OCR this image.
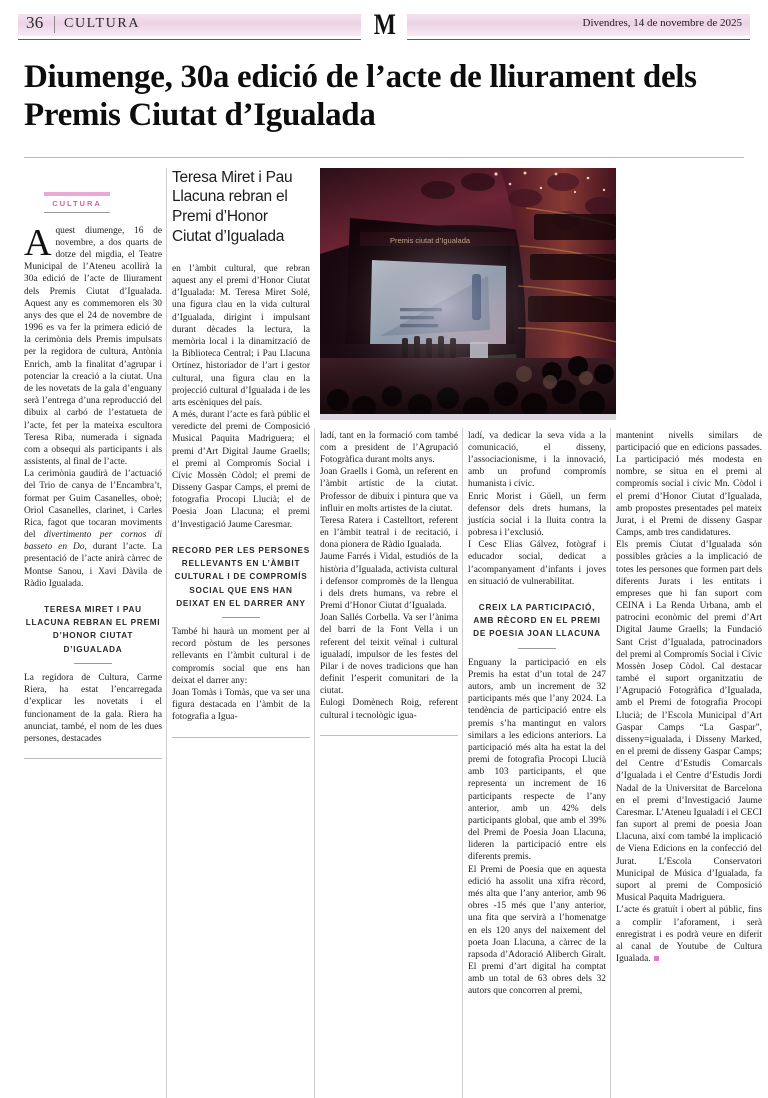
36 CULTURA	M	Divendres, 14 de novembre de 2025
Diumenge, 30a edició de l’acte de lliurament dels Premis Ciutat d’Igualada
CULTURA

Aquest diumenge, 16 de novembre, a dos quarts de dotze del migdia, el Teatre Municipal de l’Ateneu acollirà la 30a edició de l’acte de lliurament dels Premis Ciutat d’Igualada. Aquest any es commemoren els 30 anys des que el 24 de novembre de 1996 es va fer la primera edició de la cerimònia dels Premis impulsats per la regidora de cultura, Antònia Enrich, amb la finalitat d’agrupar i potenciar la creació a la ciutat. Una de les novetats de la gala d’enguany serà l’entrega d’una reproducció del dibuix al carbó de l’estatueta de l’acte, fet per la mateixa escultora Teresa Riba, numerada i signada com a obsequi als participants i als assistents, al final de l’acte.

La cerimònia gaudirà de l’actuació del Trio de canya de l’Encambra’t, format per Guim Casanelles, oboè; Oriol Casanelles, clarinet, i Carles Rica, fagot que tocaran moviments del divertimento per cornos di basseto en Do, durant l’acte. La presentació de l’acte anirà càrrec de Montse Sanou, i Xavi Dàvila de Ràdio Igualada.

TERESA MIRET I PAU LLACUNA REBRAN EL PREMI D’HONOR CIUTAT D’IGUALADA

La regidora de Cultura, Carme Riera, ha estat l’encarregada d’explicar les novetats i el funcionament de la gala. Riera ha anunciat, també, el nom de les dues persones, destacades

Teresa Miret i Pau Llacuna rebran el Premi d’Honor Ciutat d’Igualada

en l’àmbit cultural, que rebran aquest any el premi d’Honor Ciutat d’Igualada: M. Teresa Miret Solé, una figura clau en la vida cultural d’Igualada, dirigint i impulsant durant dècades la lectura, la memòria local i la dinamització de la Biblioteca Central; i Pau Llacuna Ortínez, historiador de l’art i gestor cultural, una figura clau en la projecció cultural d’Igualada i de les arts escèniques del país.

A més, durant l’acte es farà públic el veredicte del premi de Composició Musical Paquita Madriguera; el premi d’Art Digital Jaume Graells; el premi al Compromís Social i Cívic Mossèn Còdol; el premi de Disseny Gaspar Camps, el premi de fotografia Procopi Llucià; el de Poesia Joan Llacuna; el premi d’Investigació Jaume Caresmar.

RECORD PER LES PERSONES RELLEVANTS EN L’ÀMBIT CULTURAL I DE COMPROMÍS SOCIAL QUE ENS HAN DEIXAT EN EL DARRER ANY

També hi haurà un moment per al record pòstum de les persones rellevants en l’àmbit cultural i de compromís social que ens han deixat el darrer any:

Joan Tomàs i Tomàs, que va ser una figura destacada en l’àmbit de la fotografia a Igua-

ladí, tant en la formació com també com a president de l’Agrupació Fotogràfica durant molts anys.

Joan Graells i Gomà, un referent en l’àmbit artístic de la ciutat. Professor de dibuix i pintura que va influir en molts artistes de la ciutat.

Teresa Ratera i Castelltort, referent en l’àmbit teatral i de recitació, i dona pionera de Ràdio Igualada.

Jaume Farrés i Vidal, estudiós de la història d’Igualada, activista cultural i defensor compromès de la llengua i dels drets humans, va rebre el Premi d’Honor Ciutat d’Igualada.

Joan Sallés Corbella. Va ser l’ànima del barri de la Font Vella i un referent del teixit veïnal i cultural igualadí, impulsor de les festes del Pilar i de noves tradicions que han definit l’esperit comunitari de la ciutat.

Eulogi Domènech Roig, referent cultural i tecnològic igua-

ladí, va dedicar la seva vida a la comunicació, el disseny, l’associacionisme, i la innovació, amb un profund compromís humanista i cívic.

Enric Morist i Güell, un ferm defensor dels drets humans, la justícia social i la lluita contra la pobresa i l’exclusió.

I Cesc Elias Gálvez, fotògraf i educador social, dedicat a l’acompanyament d’infants i joves en situació de vulnerabilitat.

CREIX LA PARTICIPACIÓ, AMB RÈCORD EN EL PREMI DE POESIA JOAN LLACUNA

Enguany la participació en els Premis ha estat d’un total de 247 autors, amb un increment de 32 participants més que l’any 2024. La tendència de participació entre els premis s’ha mantingut en valors similars a les edicions anteriors. La participació més alta ha estat la del premi de fotografia Procopi Llucià amb 103 participants, el que representa un increment de 16 participants respecte de l’any anterior, amb un 42% dels participants global, que amb el 39% del Premi de Poesia Joan Llacuna, lideren la participació entre els diferents premis.

El Premi de Poesia que en aquesta edició ha assolit una xifra rècord, més alta que l’any anterior, amb 96 obres -15 més que l’any anterior, una fita que servirà a l’homenatge en els 120 anys del naixement del poeta Joan Llacuna, a càrrec de la rapsoda d’Adoració Aliberch Giralt. El premi d’art digital ha comptat amb un total de 63 obres dels 32 autors que concorren al premi,

mantenint nivells similars de participació que en edicions passades. La participació més modesta en nombre, se situa en el premi al compromís social i cívic Mn. Còdol i el premi d’Honor Ciutat d’Igualada, amb propostes presentades pel mateix Jurat, i el Premi de disseny Gaspar Camps, amb tres candidatures.

Els premis Ciutat d’Igualada són possibles gràcies a la implicació de totes les persones que formen part dels diferents Jurats i les entitats i empreses que hi fan suport com CEINA i La Renda Urbana, amb el patrocini econòmic del premi d’Art Digital Jaume Graells; la Fundació Sant Crist d’Igualada, patrocinadors del premi al Compromís Social i Cívic Mossèn Josep Còdol. Cal destacar també el suport organitzatiu de l’Agrupació Fotogràfica d’Igualada, amb el Premi de fotografia Procopi Llucià; de l’Escola Municipal d’Art Gaspar Camps “La Gaspar”, disseny=igualada, i Disseny Marked, en el premi de disseny Gaspar Camps; del Centre d’Estudis Comarcals d’Igualada i el Centre d’Estudis Jordi Nadal de la Universitat de Barcelona en el premi d’Investigació Jaume Caresmar. L’Ateneu Igualadí i el CECI fan suport al premi de poesia Joan Llacuna, així com també la implicació de Viena Edicions en la confecció del Jurat. L’Escola Conservatori Municipal de Música d’Igualada, fa suport al premi de Composició Musical Paquita Madriguera.

L’acte és gratuït i obert al públic, fins a complir l’aforament, i serà enregistrat i es podrà veure en diferit al canal de Youtube de Cultura Igualada.
